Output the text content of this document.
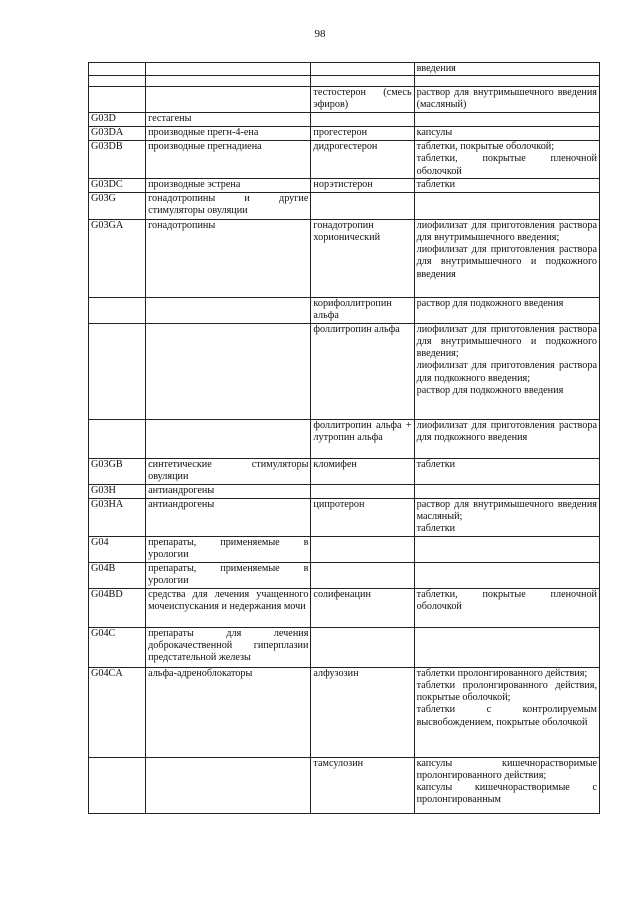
98

			введения

		тестостерон (смесь эфиров)	раствор для внутримышечного введения (масляный)

G03D	гестагены		
G03DA	производные прегн-4-ена	прогестерон	капсулы

G03DB	производные прегнадиена	дидрогестерон	таблетки, покрытые оболочкой;
таблетки, покрытые пленочной оболочкой

G03DC	производные эстрена	норэтистерон	таблетки

G03G	гонадотропины и другие стимуляторы овуляции		
G03GA	гонадотропины	гонадотропин хорионический	лиофилизат для приготовления раствора для внутримышечного введения;
лиофилизат для приготовления раствора для внутримышечного и подкожного введения

		корифоллитропин альфа	раствор для подкожного введения

		фоллитропин альфа	лиофилизат для приготовления раствора для внутримышечного и подкожного введения;
лиофилизат для приготовления раствора для подкожного введения;
раствор для подкожного введения

		фоллитропин альфа + лутропин альфа	лиофилизат для приготовления раствора для подкожного введения

G03GB	синтетические стимуляторы овуляции	кломифен	таблетки

G03H	антиандрогены		
G03HA	антиандрогены	ципротерон	раствор для внутримышечного введения масляный;
таблетки

G04	препараты, применяемые в урологии		
G04B	препараты, применяемые в урологии		
G04BD	средства для лечения учащенного мочеиспускания и недержания мочи	солифенацин	таблетки, покрытые пленочной оболочкой

G04C	препараты для лечения доброкачественной гиперплазии предстательной железы		
G04CA	альфа-адреноблокаторы	алфузозин	таблетки пролонгированного действия;
таблетки пролонгированного действия, покрытые оболочкой;
таблетки с контролируемым высвобождением, покрытые оболочкой

		тамсулозин	капсулы кишечнорастворимые пролонгированного действия;
капсулы кишечнорастворимые с пролонгированным
